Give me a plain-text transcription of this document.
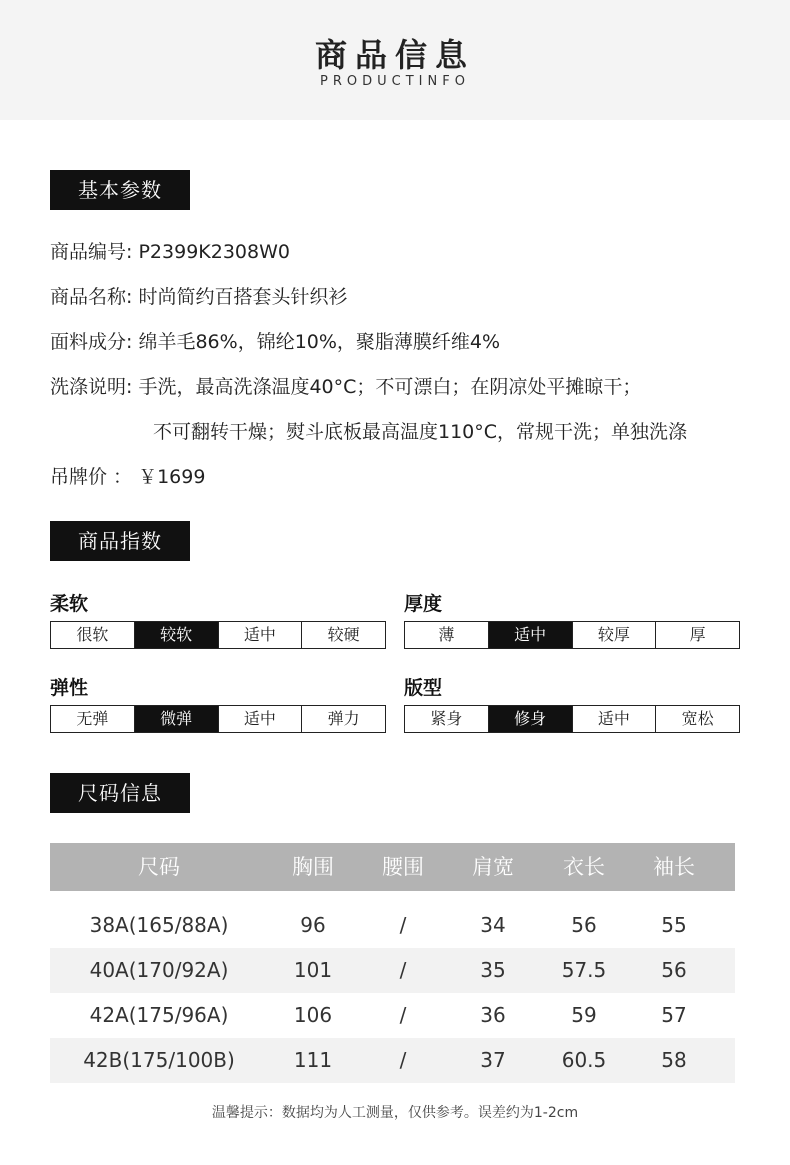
商品信息
PRODUCTINFO
基本参数
商品编号: P2399K2308W0
商品名称: 时尚简约百搭套头针织衫
面料成分: 绵羊毛86%，锦纶10%，聚脂薄膜纤维4%
洗涤说明: 手洗，最高洗涤温度40°C；不可漂白；在阴凉处平摊晾干；
不可翻转干燥；熨斗底板最高温度110°C，常规干洗；单独洗涤
吊牌价 ： ￥1699
商品指数
柔软
很软	较软	适中	较硬
厚度
薄	适中	较厚	厚
弹性
无弹	微弹	适中	弹力
版型
紧身	修身	适中	宽松
尺码信息
尺码	胸围	腰围	肩宽	衣长	袖长
38A(165/88A)	96	/	34	56	55
40A(170/92A)	101	/	35	57.5	56
42A(175/96A)	106	/	36	59	57
42B(175/100B)	111	/	37	60.5	58
温馨提示：数据均为人工测量，仅供参考。误差约为1-2cm
